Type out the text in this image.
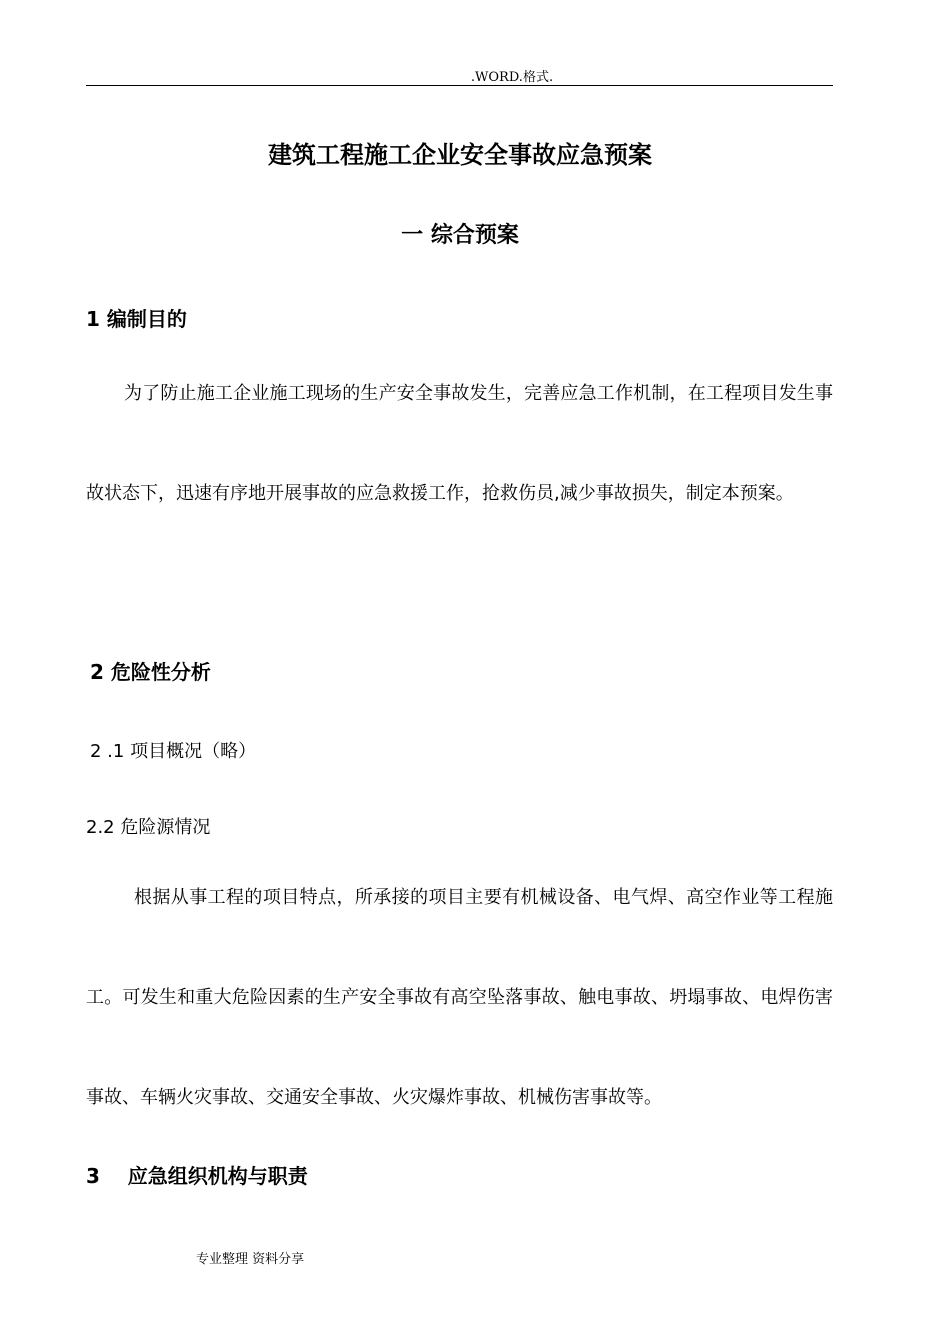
.WORD.格式.
建筑工程施工企业安全事故应急预案
一 综合预案
1 编制目的
为了防止施工企业施工现场的生产安全事故发生，完善应急工作机制，在工程项目发生事故状态下，迅速有序地开展事故的应急救援工作，抢救伤员,减少事故损失，制定本预案。
2 危险性分析
2 .1 项目概况（略）
2.2 危险源情况
根据从事工程的项目特点，所承接的项目主要有机械设备、电气焊、高空作业等工程施工。可发生和重大危险因素的生产安全事故有高空坠落事故、触电事故、坍塌事故、电焊伤害事故、车辆火灾事故、交通安全事故、火灾爆炸事故、机械伤害事故等。
3    应急组织机构与职责
专业整理 资料分享
